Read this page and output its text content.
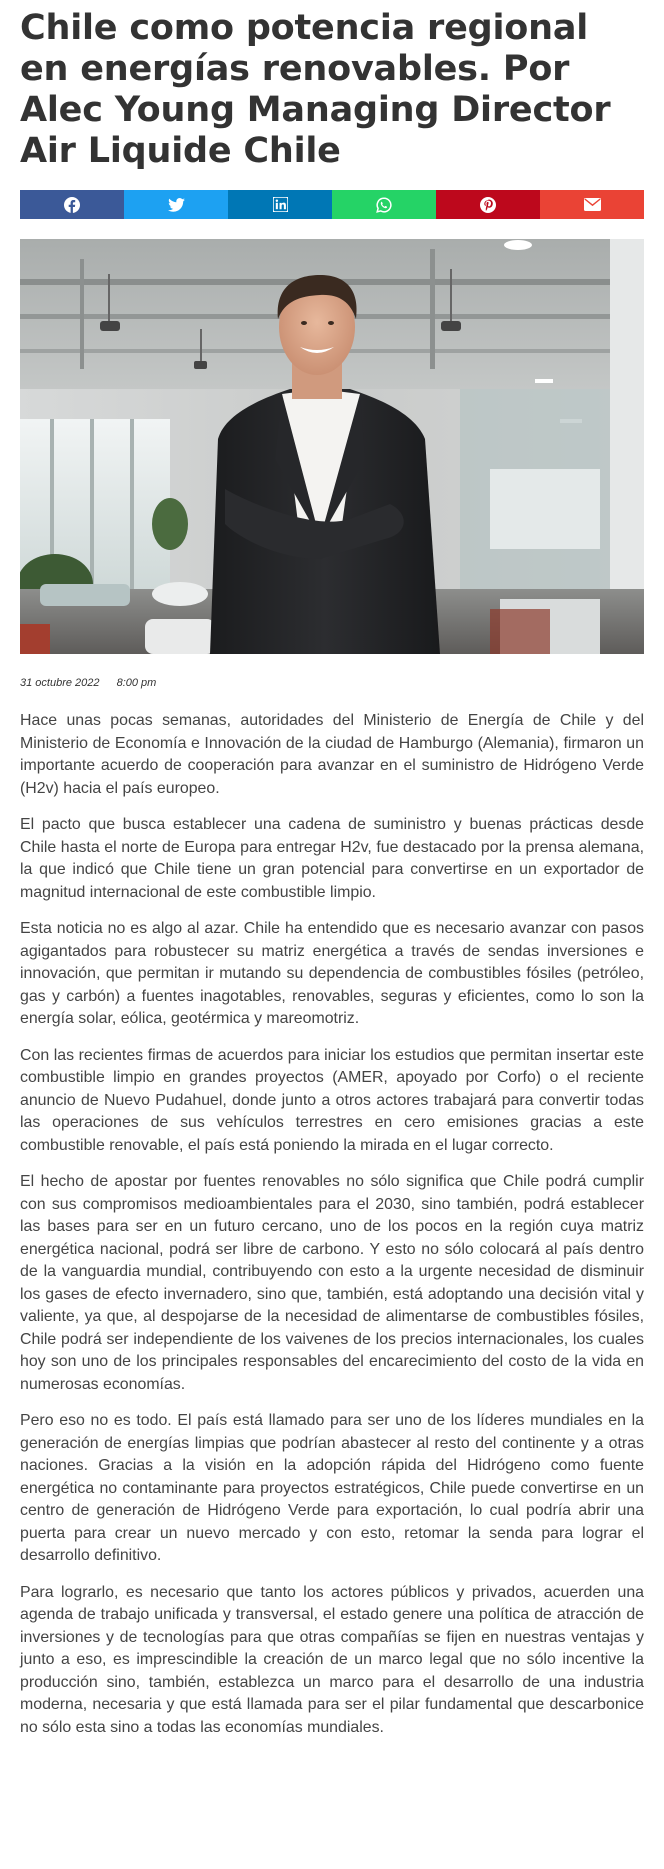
Chile como potencia regional en energías renovables. Por Alec Young Managing Director Air Liquide Chile
31 octubre 2022 8:00 pm

Hace unas pocas semanas, autoridades del Ministerio de Energía de Chile y del Ministerio de Economía e Innovación de la ciudad de Hamburgo (Alemania), firmaron un importante acuerdo de cooperación para avanzar en el suministro de Hidrógeno Verde (H2v) hacia el país europeo.

El pacto que busca establecer una cadena de suministro y buenas prácticas desde Chile hasta el norte de Europa para entregar H2v, fue destacado por la prensa alemana, la que indicó que Chile tiene un gran potencial para convertirse en un exportador de magnitud internacional de este combustible limpio.

Esta noticia no es algo al azar. Chile ha entendido que es necesario avanzar con pasos agigantados para robustecer su matriz energética a través de sendas inversiones e innovación, que permitan ir mutando su dependencia de combustibles fósiles (petróleo, gas y carbón) a fuentes inagotables, renovables, seguras y eficientes, como lo son la energía solar, eólica, geotérmica y mareomotriz.

Con las recientes firmas de acuerdos para iniciar los estudios que permitan insertar este combustible limpio en grandes proyectos (AMER, apoyado por Corfo) o el reciente anuncio de Nuevo Pudahuel, donde junto a otros actores trabajará para convertir todas las operaciones de sus vehículos terrestres en cero emisiones gracias a este combustible renovable, el país está poniendo la mirada en el lugar correcto.

El hecho de apostar por fuentes renovables no sólo significa que Chile podrá cumplir con sus compromisos medioambientales para el 2030, sino también, podrá establecer las bases para ser en un futuro cercano, uno de los pocos en la región cuya matriz energética nacional, podrá ser libre de carbono. Y esto no sólo colocará al país dentro de la vanguardia mundial, contribuyendo con esto a la urgente necesidad de disminuir los gases de efecto invernadero, sino que, también, está adoptando una decisión vital y valiente, ya que, al despojarse de la necesidad de alimentarse de combustibles fósiles, Chile podrá ser independiente de los vaivenes de los precios internacionales, los cuales hoy son uno de los principales responsables del encarecimiento del costo de la vida en numerosas economías.

Pero eso no es todo. El país está llamado para ser uno de los líderes mundiales en la generación de energías limpias que podrían abastecer al resto del continente y a otras naciones. Gracias a la visión en la adopción rápida del Hidrógeno como fuente energética no contaminante para proyectos estratégicos, Chile puede convertirse en un centro de generación de Hidrógeno Verde para exportación, lo cual podría abrir una puerta para crear un nuevo mercado y con esto, retomar la senda para lograr el desarrollo definitivo.

Para lograrlo, es necesario que tanto los actores públicos y privados, acuerden una agenda de trabajo unificada y transversal, el estado genere una política de atracción de inversiones y de tecnologías para que otras compañías se fijen en nuestras ventajas y junto a eso, es imprescindible la creación de un marco legal que no sólo incentive la producción sino, también, establezca un marco para el desarrollo de una industria moderna, necesaria y que está llamada para ser el pilar fundamental que descarbonice no sólo esta sino a todas las economías mundiales.
